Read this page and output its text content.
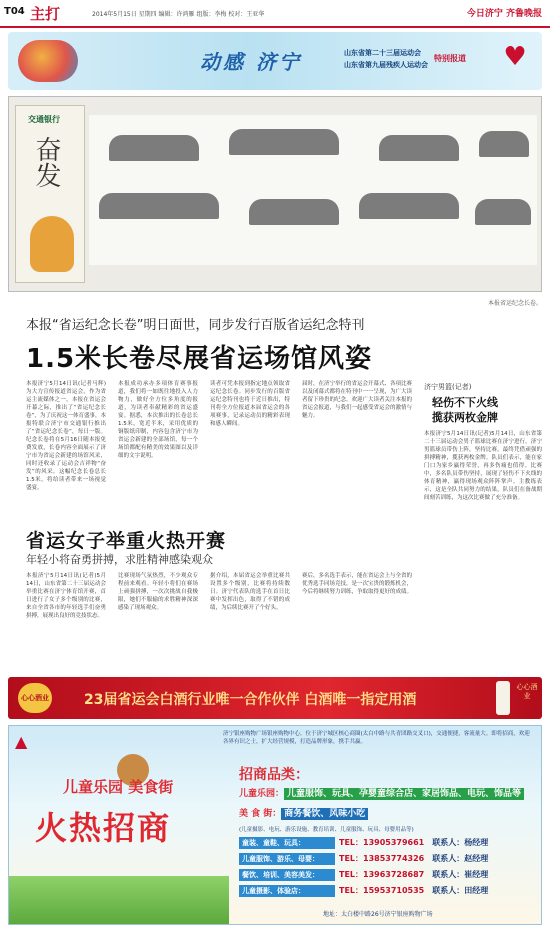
T04 主打	2014年5月15日 星期四 编辑：许鸿雁 组版：李梅 校对：王亚华	今日济宁 齐鲁晚报
动感 济宁	山东省第二十三届运动会
山东省第九届残疾人运动会
特别报道 ♥
交通银行
奋发
本报省运纪念长卷。
本报“省运纪念长卷”明日面世，同步发行百版省运纪念特刊
1.5米长卷尽展省运场馆风姿
本报济宁5月14日讯(记者马辉)为大力宣传报道省运会，作为省运主流媒体之一，本报在省运会开幕之际，推出了“省运纪念长卷”，为了庆祝这一体育盛事，本报特联合济宁市交通银行推出了“省运纪念长卷”，每日一版。纪念长卷将在5月16日随本报免费发放，长卷内容全面展示了济宁市为省运会新建的场馆风采，同时还收录了运动会吉祥物“奋发”的风采。这幅纪念长卷总长1.5米，将给读者带来一场视觉盛宴。
本报成功承办多项体育赛事报道，我们将一如既往地投入人力物力，做好全方位多角度的报道，为读者奉献精彩的省运盛宴。据悉，本次推出的长卷总长1.5米，宽近半米，采用优质的铜版纸印制，内容包含济宁市为省运会新建的全部场馆，每一个场馆都配有精美的效果图以及详细的文字说明。
读者可凭本报到指定地点领取省运纪念长卷。同步发行的百版省运纪念特刊也将于近日推出，特刊将全方位报道本届省运会的各项赛事，记录运动员的精彩表现和感人瞬间。
届时，在济宁举行的省运会开幕式、各项比赛以及闭幕式都将在特刊中一一呈现，为广大读者留下珍贵的纪念。欢迎广大读者关注本报的省运会报道，与我们一起感受省运会的激情与魅力。
济宁男篮(记者)
轻伤不下火线
揽获两枚金牌
本报济宁5月14日讯(记者)5月14日，山东省第二十三届运动会男子篮球比赛在济宁进行。济宁男篮球员带伤上阵，坚持比赛，最终凭借顽强的拼搏精神，揽获两枚金牌。队员们表示，能在家门口为家乡赢得荣誉，再多伤痛也值得。比赛中，多名队员带伤坚持，展现了轻伤不下火线的体育精神，赢得现场观众阵阵掌声。主教练表示，这是全队共同努力的结果，队员们在备战期间刻苦训练，为这次比赛做了充分准备。
省运女子举重火热开赛
年轻小将奋勇拼搏，求胜精神感染观众
本报济宁5月14日讯(记者)5月14日，山东省第二十三届运动会举重比赛在济宁体育馆开赛，首日进行了女子多个级别的比赛，来自全省各市的年轻选手们奋勇拼搏，展现出良好的竞技状态。
比赛现场气氛热烈，不少观众专程前来观看。年轻小将们在赛场上顽强拼搏，一次次挑战自我极限，她们不服输的求胜精神深深感染了现场观众。
据介绍，本届省运会举重比赛共设置多个级别，比赛将持续数日。济宁代表队的选手在首日比赛中发挥出色，取得了不错的成绩，为后续比赛开了个好头。
赛后，多名选手表示，能在省运会上与全省的优秀选手同场竞技，是一次宝贵的锻炼机会，今后将继续努力训练，争取取得更好的成绩。
心心酒业	23届省运会白酒行业唯一合作伙伴 白酒唯一指定用酒
心心酒业
▲	济宁银座购物广场银座购物中心，位于济宁城区核心商圈(太白中路与共青团路交叉口)，交通便捷，客流量大。即将招商，欢迎各界有识之士，扩大经营规模，打造品牌形象，携手共赢。
儿童乐园 美食街
火热招商
招商品类：
儿童乐园： 儿童服饰、玩具、孕婴童综合店、家居饰品、电玩、饰品等
美 食 街： 商务餐饮、风味小吃
(儿童摄影、电玩、游乐设施、教育培训、儿童服饰、玩具、母婴用品等)
童装、童鞋、玩具：	TEL：13905379661 联系人：杨经理
儿童服饰、游乐、母婴：	TEL：13853774326 联系人：赵经理
餐饮、培训、美容美发：	TEL：13963728687 联系人：崔经理
儿童摄影、体验店：	TEL：15953710535 联系人：田经理
地址：太白楼中路26号济宁银座购物广场
